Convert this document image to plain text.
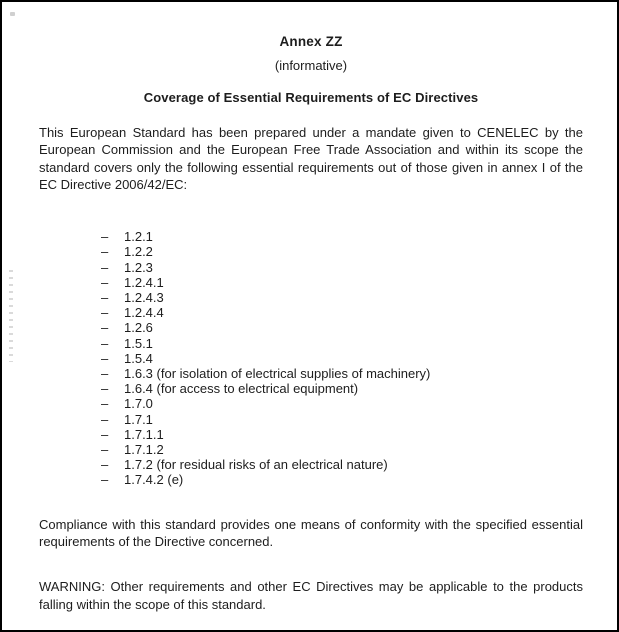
Annex ZZ

(informative)

Coverage of Essential Requirements of EC Directives

This European Standard has been prepared under a mandate given to CENELEC by the European Commission and the European Free Trade Association and within its scope the standard covers only the following essential requirements out of those given in annex I of the EC Directive 2006/42/EC:

–	1.2.1
–	1.2.2
–	1.2.3
–	1.2.4.1
–	1.2.4.3
–	1.2.4.4
–	1.2.6
–	1.5.1
–	1.5.4
–	1.6.3 (for isolation of electrical supplies of machinery)
–	1.6.4 (for access to electrical equipment)
–	1.7.0
–	1.7.1
–	1.7.1.1
–	1.7.1.2
–	1.7.2 (for residual risks of an electrical nature)
–	1.7.4.2 (e)

Compliance with this standard provides one means of conformity with the specified essential requirements of the Directive concerned.

WARNING: Other requirements and other EC Directives may be applicable to the products falling within the scope of this standard.
